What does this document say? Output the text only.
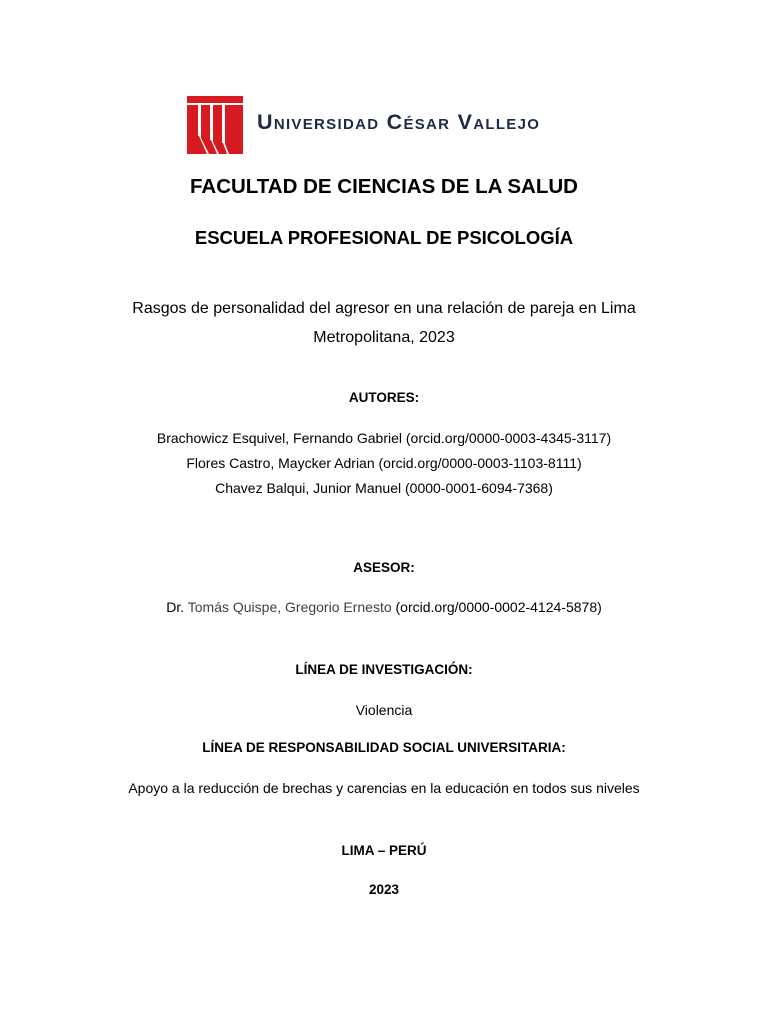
Universidad César Vallejo
FACULTAD DE CIENCIAS DE LA SALUD
ESCUELA PROFESIONAL DE PSICOLOGÍA
Rasgos de personalidad del agresor en una relación de pareja en Lima
Metropolitana, 2023
AUTORES:
Brachowicz Esquivel, Fernando Gabriel (orcid.org/0000-0003-4345-3117)
Flores Castro, Maycker Adrian (orcid.org/0000-0003-1103-8111)
Chavez Balqui, Junior Manuel (0000-0001-6094-7368)
ASESOR:
Dr. Tomás Quispe, Gregorio Ernesto (orcid.org/0000-0002-4124-5878)
LÍNEA DE INVESTIGACIÓN:
Violencia
LÍNEA DE RESPONSABILIDAD SOCIAL UNIVERSITARIA:
Apoyo a la reducción de brechas y carencias en la educación en todos sus niveles
LIMA – PERÚ
2023
